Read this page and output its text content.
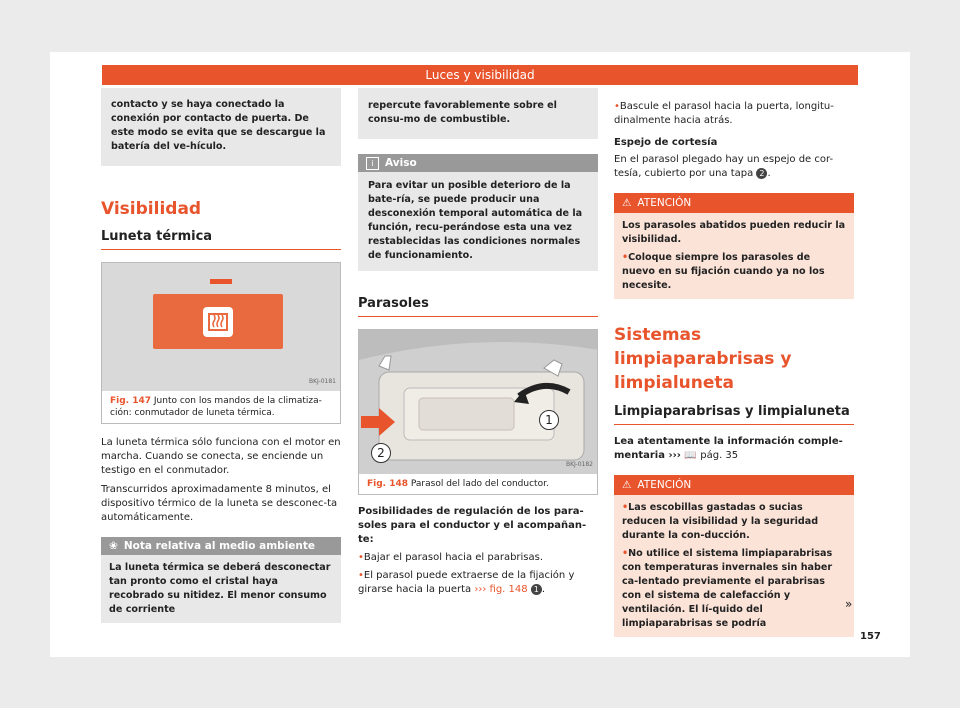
Luces y visibilidad
contacto y se haya conectado la conexión por contacto de puerta. De este modo se evita que se descargue la batería del ve-hículo.
Visibilidad
Luneta térmica
BKJ-0181
Fig. 147 Junto con los mandos de la climatiza-ción: conmutador de luneta térmica.

La luneta térmica sólo funciona con el motor en marcha. Cuando se conecta, se enciende un testigo en el conmutador.

Transcurridos aproximadamente 8 minutos, el dispositivo térmico de la luneta se desconec-ta automáticamente.

❀ Nota relativa al medio ambiente
La luneta térmica se deberá desconectar tan pronto como el cristal haya recobrado su nitidez. El menor consumo de corriente
repercute favorablemente sobre el consu-mo de combustible.
i	Aviso
Para evitar un posible deterioro de la bate-ría, se puede producir una desconexión temporal automática de la función, recu-perándose esta una vez restablecidas las condiciones normales de funcionamiento.
Parasoles
1
2
BKJ-0182
Fig. 148 Parasol del lado del conductor.

Posibilidades de regulación de los para-soles para el conductor y el acompañan-te:

• Bajar el parasol hacia el parabrisas.

• El parasol puede extraerse de la fijación y girarse hacia la puerta ››› fig. 148 1 .

• Bascule el parasol hacia la puerta, longitu-dinalmente hacia atrás.

Espejo de cortesía

En el parasol plegado hay un espejo de cor-tesía, cubierto por una tapa 2 .

⚠ ATENCIÓN

Los parasoles abatidos pueden reducir la visibilidad.

• Coloque siempre los parasoles de nuevo en su fijación cuando ya no los necesite.

Sistemas limpiaparabrisas y limpialuneta
Limpiaparabrisas y limpialuneta

Lea atentamente la información comple-mentaria ››› 📖 pág. 35

⚠ ATENCIÓN

• Las escobillas gastadas o sucias reducen la visibilidad y la seguridad durante la con-ducción.

• No utilice el sistema limpiaparabrisas con temperaturas invernales sin haber ca-lentado previamente el parabrisas con el sistema de calefacción y ventilación. El lí-quido del limpiaparabrisas se podría

»
157
